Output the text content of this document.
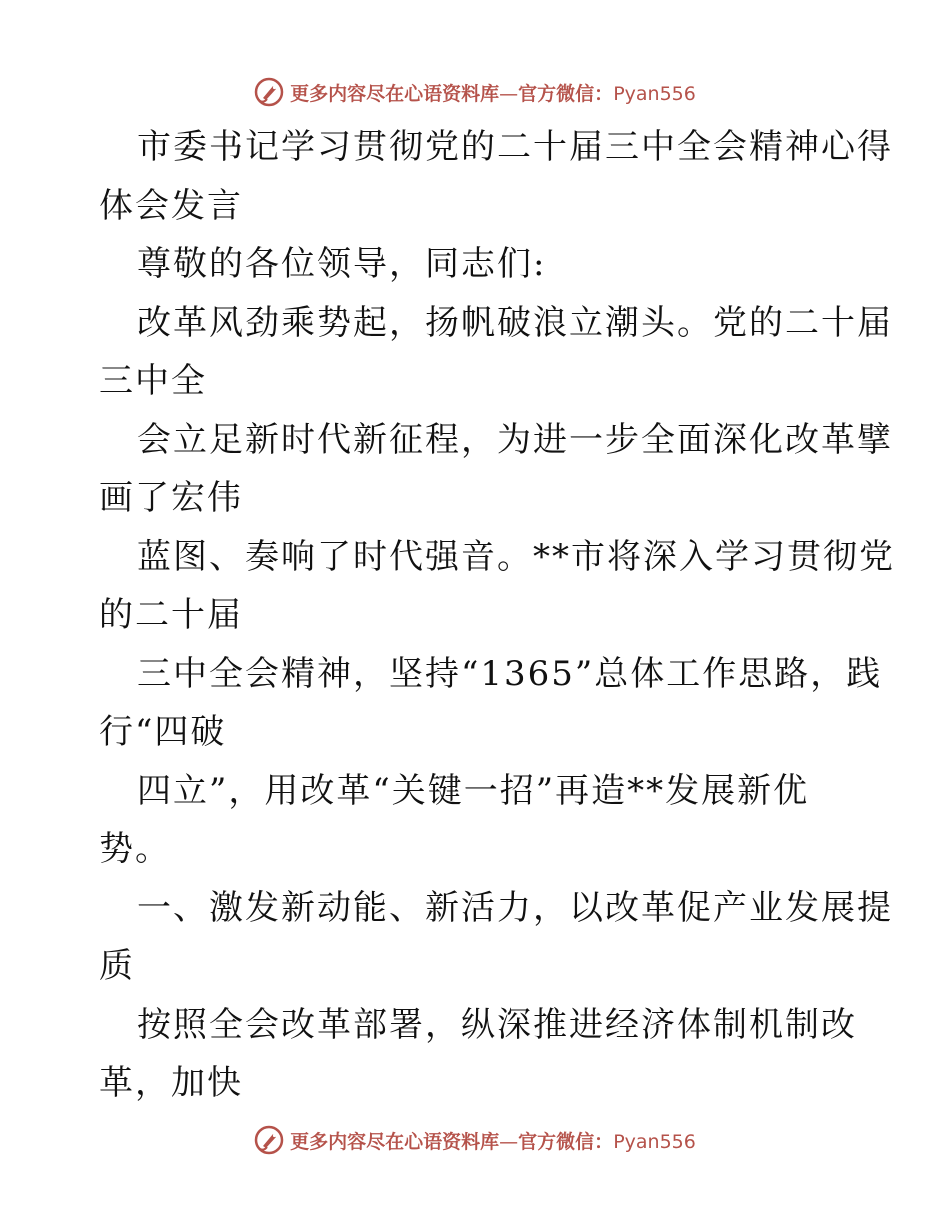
更多内容尽在心语资料库—官方微信：Pyan556
市委书记学习贯彻党的二十届三中全会精神心得
体会发言
尊敬的各位领导，同志们:
改革风劲乘势起，扬帆破浪立潮头。党的二十届
三中全
会立足新时代新征程，为进一步全面深化改革擘
画了宏伟
蓝图、奏响了时代强音。**市将深入学习贯彻党
的二十届
三中全会精神，坚持“1365”总体工作思路，践
行“四破
四立”，用改革“关键一招”再造**发展新优
势。
一、激发新动能、新活力，以改革促产业发展提
质
按照全会改革部署，纵深推进经济体制机制改
革，加快
更多内容尽在心语资料库—官方微信：Pyan556
